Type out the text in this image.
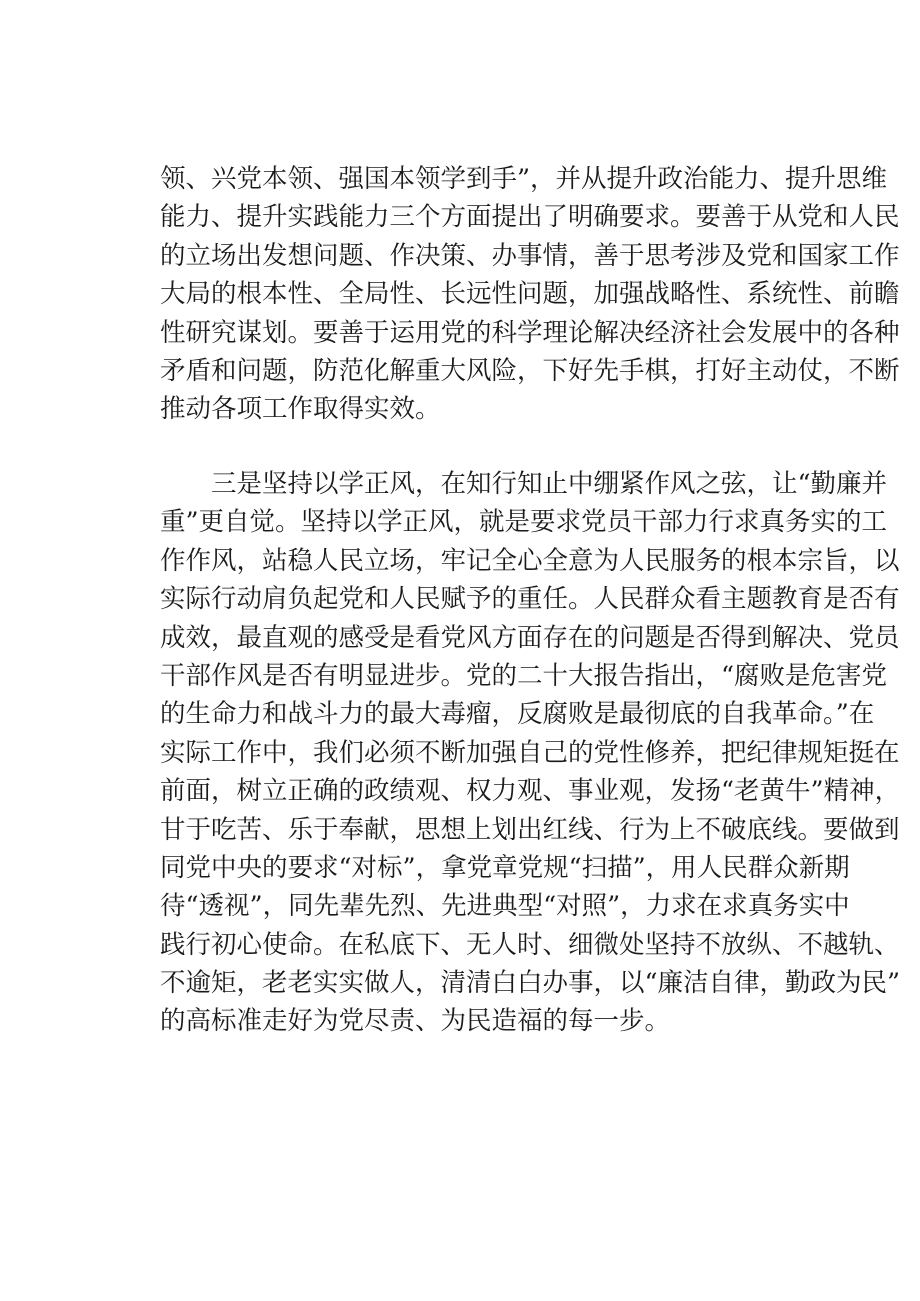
领、兴党本领、强国本领学到手”，并从提升政治能力、提升思维
能力、提升实践能力三个方面提出了明确要求。要善于从党和人民
的立场出发想问题、作决策、办事情，善于思考涉及党和国家工作
大局的根本性、全局性、长远性问题，加强战略性、系统性、前瞻
性研究谋划。要善于运用党的科学理论解决经济社会发展中的各种
矛盾和问题，防范化解重大风险，下好先手棋，打好主动仗，不断
推动各项工作取得实效。
　　三是坚持以学正风，在知行知止中绷紧作风之弦，让“勤廉并
重”更自觉。坚持以学正风，就是要求党员干部力行求真务实的工
作作风，站稳人民立场，牢记全心全意为人民服务的根本宗旨，以
实际行动肩负起党和人民赋予的重任。人民群众看主题教育是否有
成效，最直观的感受是看党风方面存在的问题是否得到解决、党员
干部作风是否有明显进步。党的二十大报告指出，“腐败是危害党
的生命力和战斗力的最大毒瘤，反腐败是最彻底的自我革命。”在
实际工作中，我们必须不断加强自己的党性修养，把纪律规矩挺在
前面，树立正确的政绩观、权力观、事业观，发扬“老黄牛”精神，
甘于吃苦、乐于奉献，思想上划出红线、行为上不破底线。要做到
同党中央的要求“对标”，拿党章党规“扫描”，用人民群众新期
待“透视”，同先辈先烈、先进典型“对照”，力求在求真务实中
践行初心使命。在私底下、无人时、细微处坚持不放纵、不越轨、
不逾矩，老老实实做人，清清白白办事，以“廉洁自律，勤政为民”
的高标准走好为党尽责、为民造福的每一步。
